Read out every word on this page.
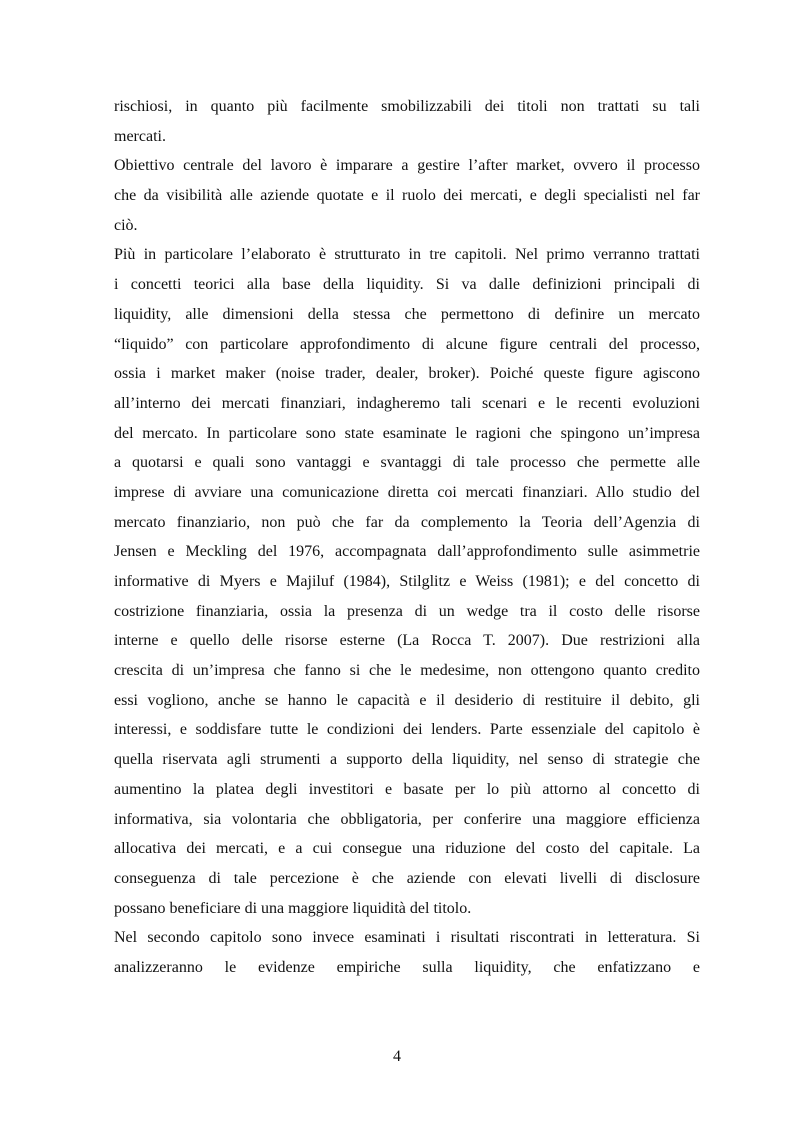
rischiosi, in quanto più facilmente smobilizzabili dei titoli non trattati su tali
mercati.
Obiettivo centrale del lavoro è imparare a gestire l’after market, ovvero il processo
che da visibilità alle aziende quotate e il ruolo dei mercati, e degli specialisti nel far
ciò.
Più in particolare l’elaborato è strutturato in tre capitoli. Nel primo verranno trattati
i concetti teorici alla base della liquidity. Si va dalle definizioni principali di
liquidity, alle dimensioni della stessa che permettono di definire un mercato
“liquido” con particolare approfondimento di alcune figure centrali del processo,
ossia i market maker (noise trader, dealer, broker). Poiché queste figure agiscono
all’interno dei mercati finanziari, indagheremo tali scenari e le recenti evoluzioni
del mercato. In particolare sono state esaminate le ragioni che spingono un’impresa
a quotarsi e quali sono vantaggi e svantaggi di tale processo che permette alle
imprese di avviare una comunicazione diretta coi mercati finanziari. Allo studio del
mercato finanziario, non può che far da complemento la Teoria dell’Agenzia di
Jensen e Meckling del 1976, accompagnata dall’approfondimento sulle asimmetrie
informative di Myers e Majiluf (1984), Stilglitz e Weiss (1981); e del concetto di
costrizione finanziaria, ossia la presenza di un wedge tra il costo delle risorse
interne e quello delle risorse esterne (La Rocca T. 2007). Due restrizioni alla
crescita di un’impresa che fanno si che le medesime, non ottengono quanto credito
essi vogliono, anche se hanno le capacità e il desiderio di restituire il debito, gli
interessi, e soddisfare tutte le condizioni dei lenders. Parte essenziale del capitolo è
quella riservata agli strumenti a supporto della liquidity, nel senso di strategie che
aumentino la platea degli investitori e basate per lo più attorno al concetto di
informativa, sia volontaria che obbligatoria, per conferire una maggiore efficienza
allocativa dei mercati, e a cui consegue una riduzione del costo del capitale. La
conseguenza di tale percezione è che aziende con elevati livelli di disclosure
possano beneficiare di una maggiore liquidità del titolo.
Nel secondo capitolo sono invece esaminati i risultati riscontrati in letteratura. Si
analizzeranno le evidenze empiriche sulla liquidity, che enfatizzano e
4
